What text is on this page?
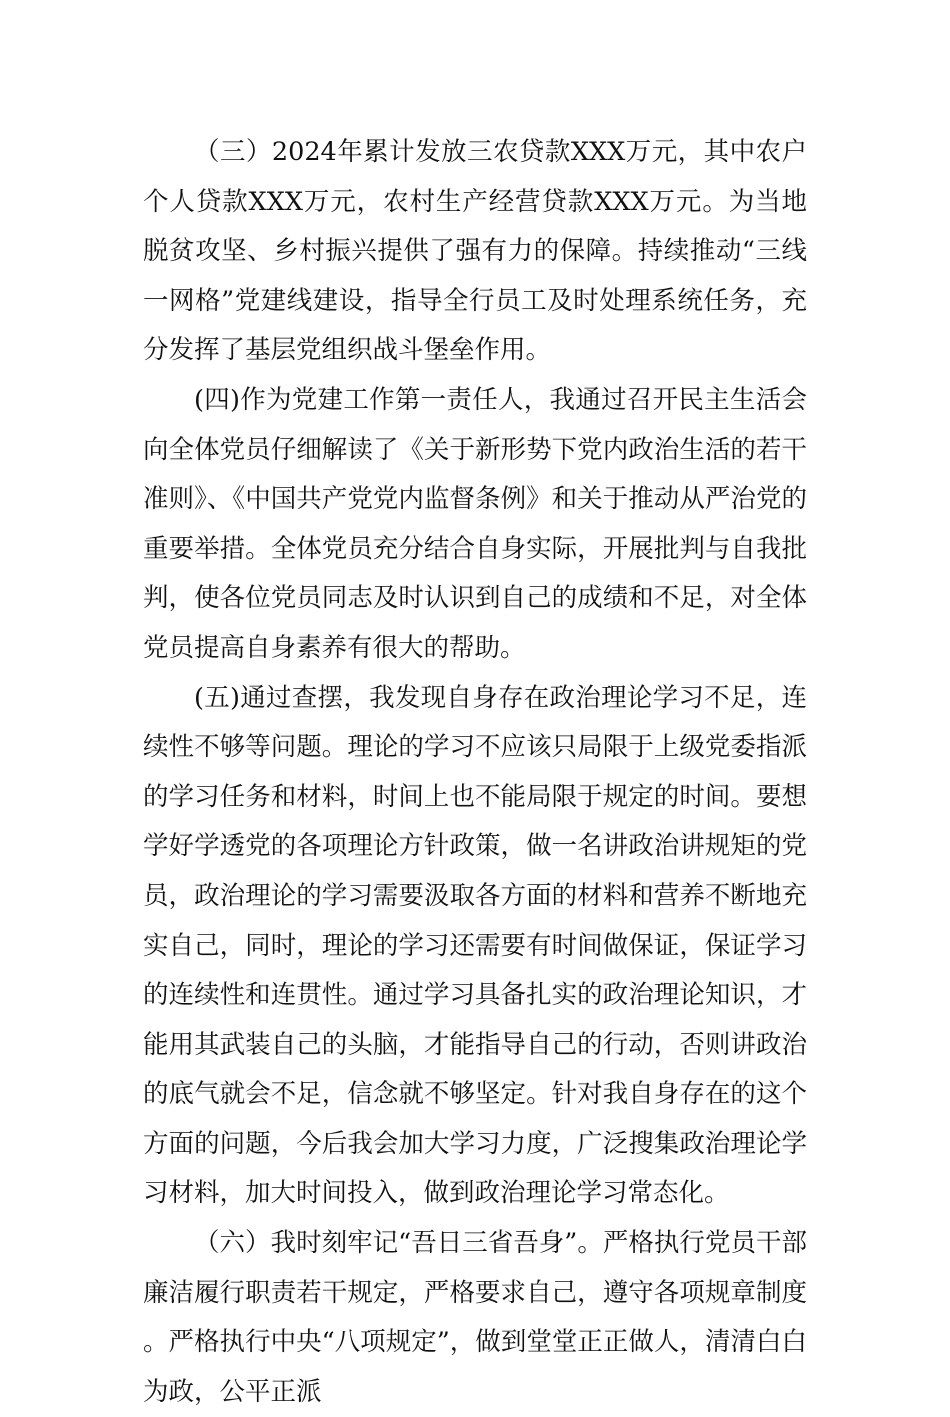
（三）2024年累计发放三农贷款XXX万元，其中农户个人贷款XXX万元，农村生产经营贷款XXX万元。为当地脱贫攻坚、乡村振兴提供了强有力的保障。持续推动“三线一网格”党建线建设，指导全行员工及时处理系统任务，充分发挥了基层党组织战斗堡垒作用。

(四)作为党建工作第一责任人，我通过召开民主生活会向全体党员仔细解读了《关于新形势下党内政治生活的若干准则》、《中国共产党党内监督条例》和关于推动从严治党的重要举措。全体党员充分结合自身实际，开展批判与自我批判，使各位党员同志及时认识到自己的成绩和不足，对全体党员提高自身素养有很大的帮助。

(五)通过查摆，我发现自身存在政治理论学习不足，连续性不够等问题。理论的学习不应该只局限于上级党委指派的学习任务和材料，时间上也不能局限于规定的时间。要想学好学透党的各项理论方针政策，做一名讲政治讲规矩的党员，政治理论的学习需要汲取各方面的材料和营养不断地充实自己，同时，理论的学习还需要有时间做保证，保证学习的连续性和连贯性。通过学习具备扎实的政治理论知识，才能用其武装自己的头脑，才能指导自己的行动，否则讲政治的底气就会不足，信念就不够坚定。针对我自身存在的这个方面的问题，今后我会加大学习力度，广泛搜集政治理论学习材料，加大时间投入，做到政治理论学习常态化。

（六）我时刻牢记“吾日三省吾身”。严格执行党员干部廉洁履行职责若干规定，严格要求自己，遵守各项规章制度。严格执行中央“八项规定”，做到堂堂正正做人，清清白白为政，公平正派
